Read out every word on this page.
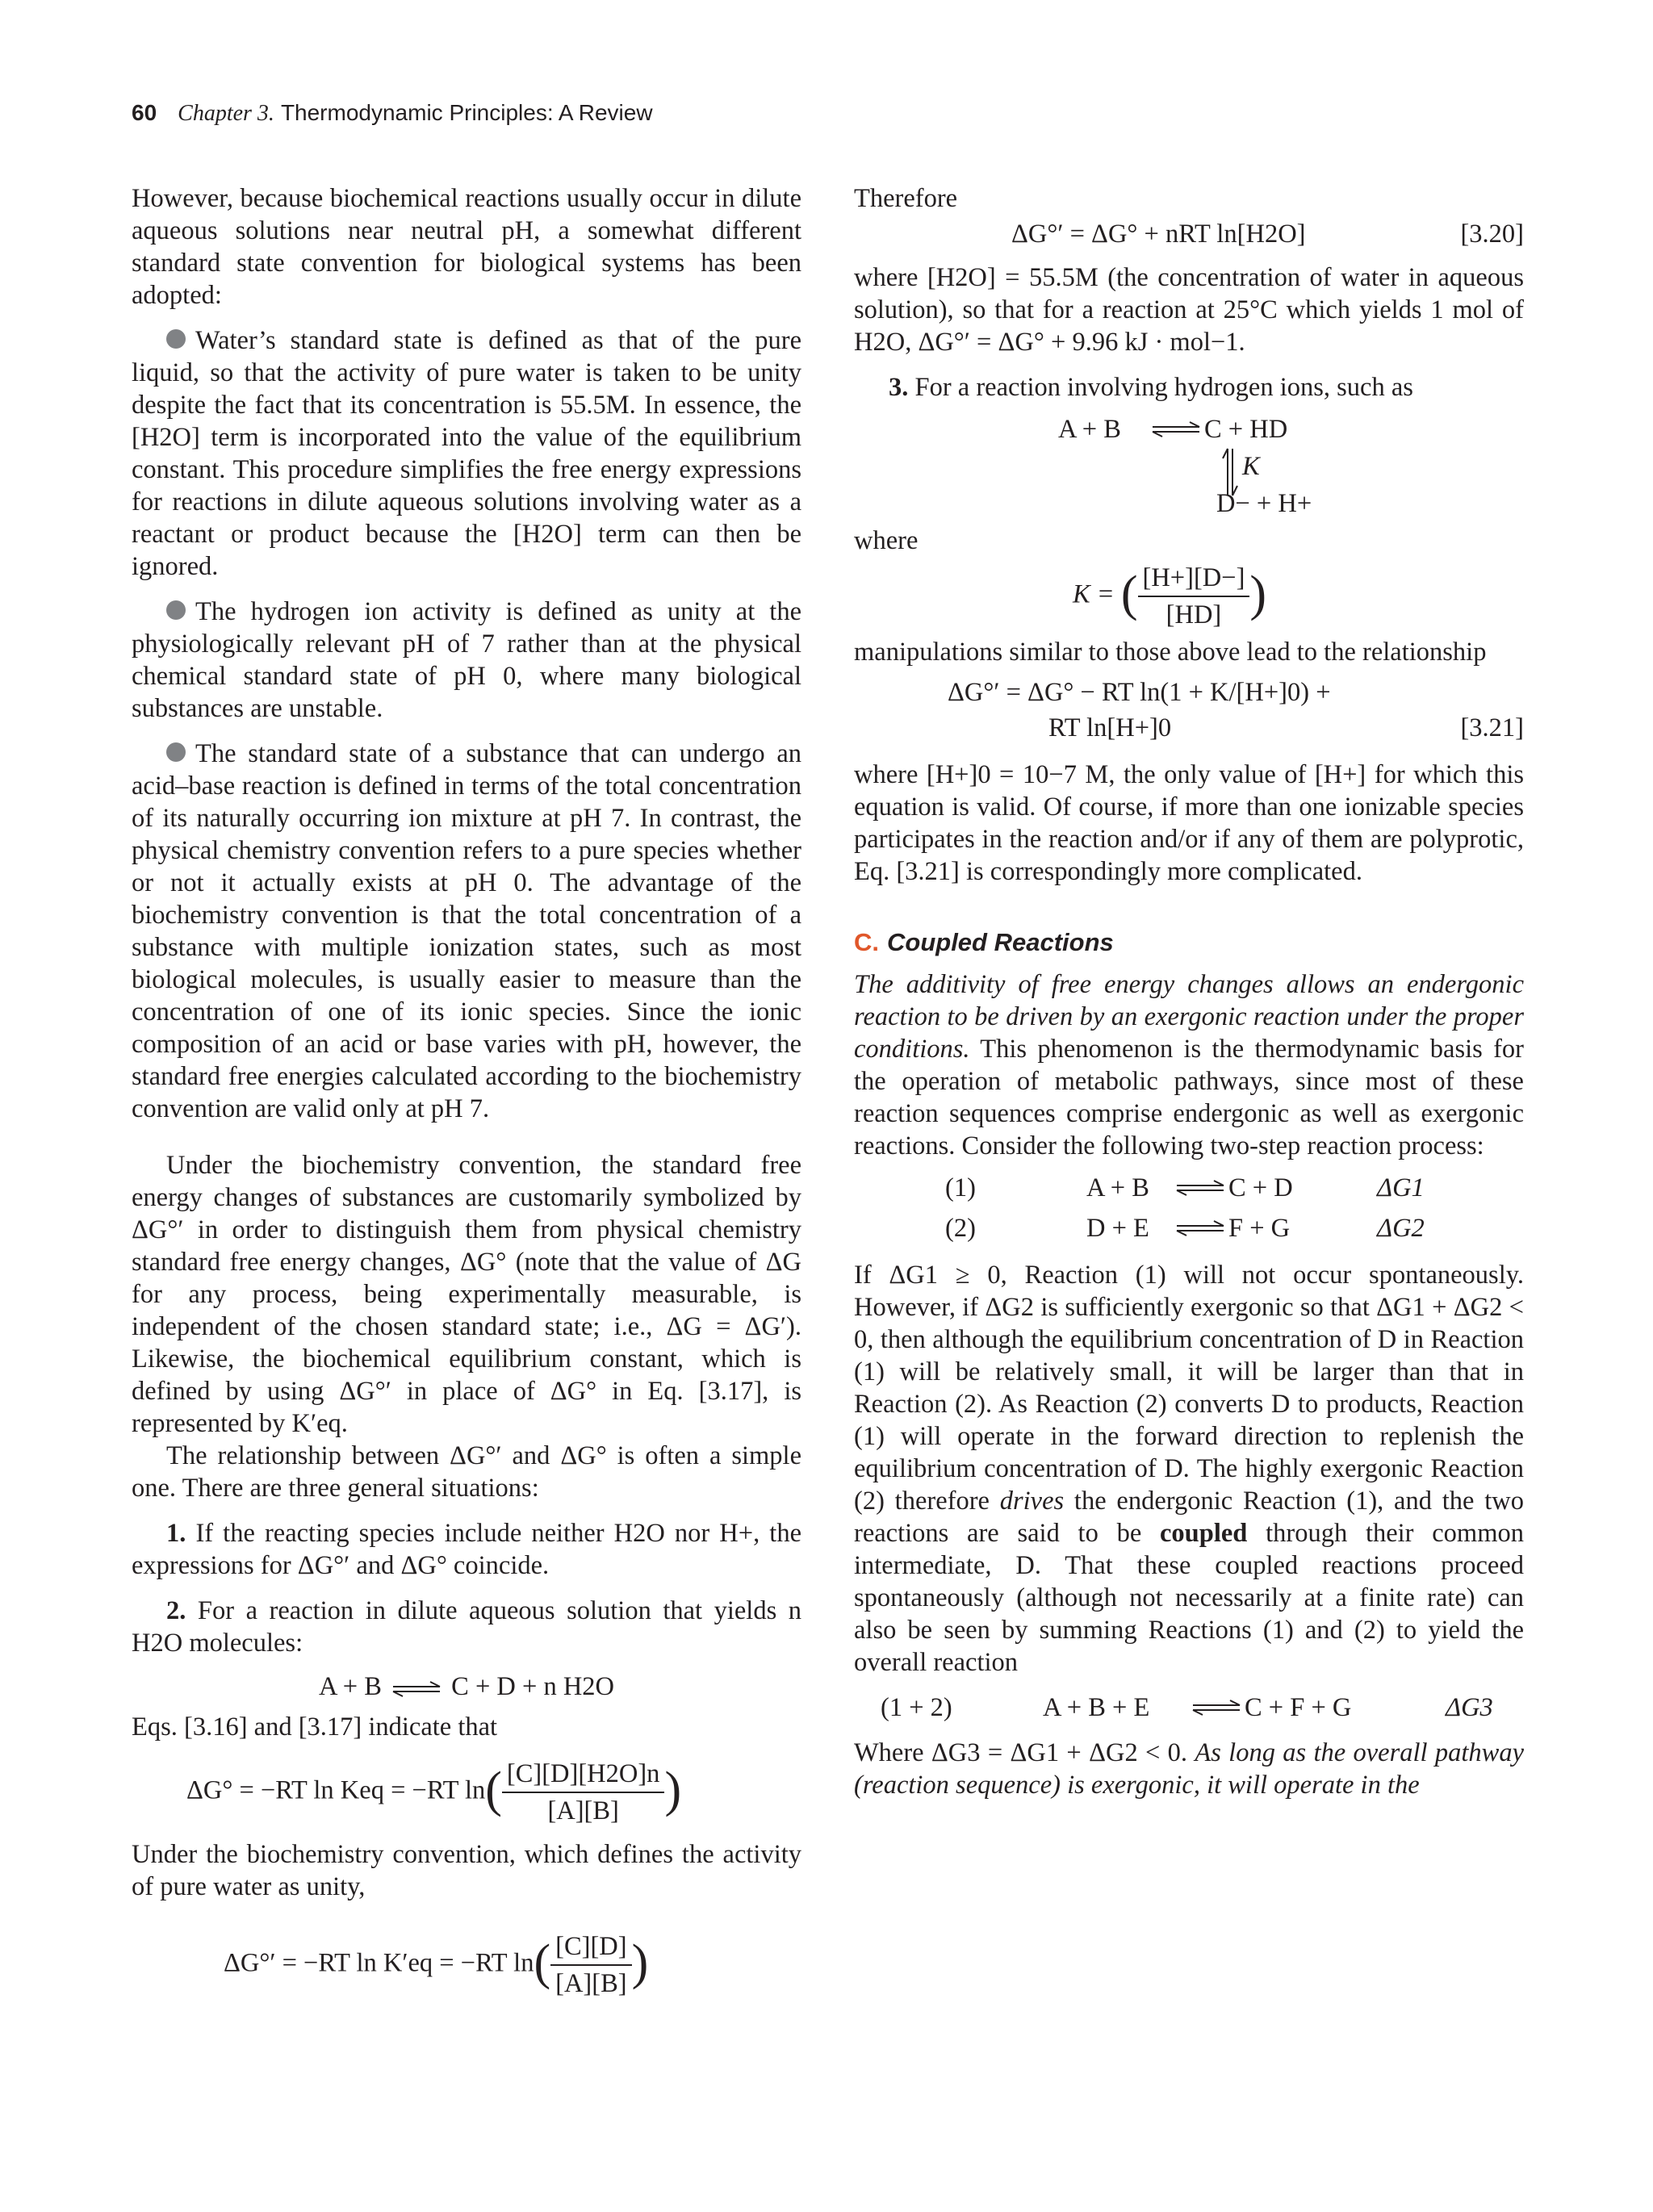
60 Chapter 3. Thermodynamic Principles: A Review

However, because biochemical reactions usually occur in dilute aqueous solutions near neutral pH, a somewhat different standard state convention for biological systems has been adopted:

Water’s standard state is defined as that of the pure liquid, so that the activity of pure water is taken to be unity despite the fact that its concentration is 55.5M. In essence, the [H2O] term is incorporated into the value of the equilibrium constant. This procedure simplifies the free energy expressions for reactions in dilute aqueous solutions involving water as a reactant or product because the [H2O] term can then be ignored.

The hydrogen ion activity is defined as unity at the physiologically relevant pH of 7 rather than at the physical chemical standard state of pH 0, where many biological substances are unstable.

The standard state of a substance that can undergo an acid–base reaction is defined in terms of the total concentration of its naturally occurring ion mixture at pH 7. In contrast, the physical chemistry convention refers to a pure species whether or not it actually exists at pH 0. The advantage of the biochemistry convention is that the total concentration of a substance with multiple ionization states, such as most biological molecules, is usually easier to measure than the concentration of one of its ionic species. Since the ionic composition of an acid or base varies with pH, however, the standard free energies calculated according to the biochemistry convention are valid only at pH 7.

Under the biochemistry convention, the standard free energy changes of substances are customarily symbolized by ΔG°′ in order to distinguish them from physical chemistry standard free energy changes, ΔG° (note that the value of ΔG for any process, being experimentally measurable, is independent of the chosen standard state; i.e., ΔG = ΔG′). Likewise, the biochemical equilibrium constant, which is defined by using ΔG°′ in place of ΔG° in Eq. [3.17], is represented by K′eq.

The relationship between ΔG°′ and ΔG° is often a simple one. There are three general situations:

1. If the reacting species include neither H2O nor H+, the expressions for ΔG°′ and ΔG° coincide.

2. For a reaction in dilute aqueous solution that yields n H2O molecules:

A + B ⇌ C + D + n H2O

Eqs. [3.16] and [3.17] indicate that

ΔG° = −RT ln Keq = −RT $\ln( \frac{[C][D][H2O]n}{[A][B]}$ )

Under the biochemistry convention, which defines the activity of pure water as unity,

ΔG°′ = −RT ln K′eq = −RT $\ln( \frac{[C][D]}{[A][B]}$ )

Therefore

ΔG°′ = ΔG° + nRT ln[H2O]	[3.20]

where [H2O] = 55.5M (the concentration of water in aqueous solution), so that for a reaction at 25°C which yields 1 mol of H2O, ΔG°′ = ΔG° + 9.96 kJ · mol−1.

3. For a reaction involving hydrogen ions, such as

A + B ⇌ C + HD
K
D− + H+

where

K = ( $\frac{[H+][D-]}{[HD]}$ )

manipulations similar to those above lead to the relationship

ΔG°′ = ΔG° − RT ln(1 + K/[H+]0) +
RT ln[H+]0	[3.21]

where [H+]0 = 10−7 M, the only value of [H+] for which this equation is valid. Of course, if more than one ionizable species participates in the reaction and/or if any of them are polyprotic, Eq. [3.21] is correspondingly more complicated.

C. Coupled Reactions

The additivity of free energy changes allows an endergonic reaction to be driven by an exergonic reaction under the proper conditions. This phenomenon is the thermodynamic basis for the operation of metabolic pathways, since most of these reaction sequences comprise endergonic as well as exergonic reactions. Consider the following two-step reaction process:

(1)	A + B ⇌ C + D	ΔG1
(2)	D + E ⇌ F + G	ΔG2

If ΔG1 ≥ 0, Reaction (1) will not occur spontaneously. However, if ΔG2 is sufficiently exergonic so that ΔG1 + ΔG2 < 0, then although the equilibrium concentration of D in Reaction (1) will be relatively small, it will be larger than that in Reaction (2). As Reaction (2) converts D to products, Reaction (1) will operate in the forward direction to replenish the equilibrium concentration of D. The highly exergonic Reaction (2) therefore drives the endergonic Reaction (1), and the two reactions are said to be coupled through their common intermediate, D. That these coupled reactions proceed spontaneously (although not necessarily at a finite rate) can also be seen by summing Reactions (1) and (2) to yield the overall reaction

(1 + 2)	A + B + E ⇌ C + F + G	ΔG3

Where ΔG3 = ΔG1 + ΔG2 < 0. As long as the overall pathway (reaction sequence) is exergonic, it will operate in the
